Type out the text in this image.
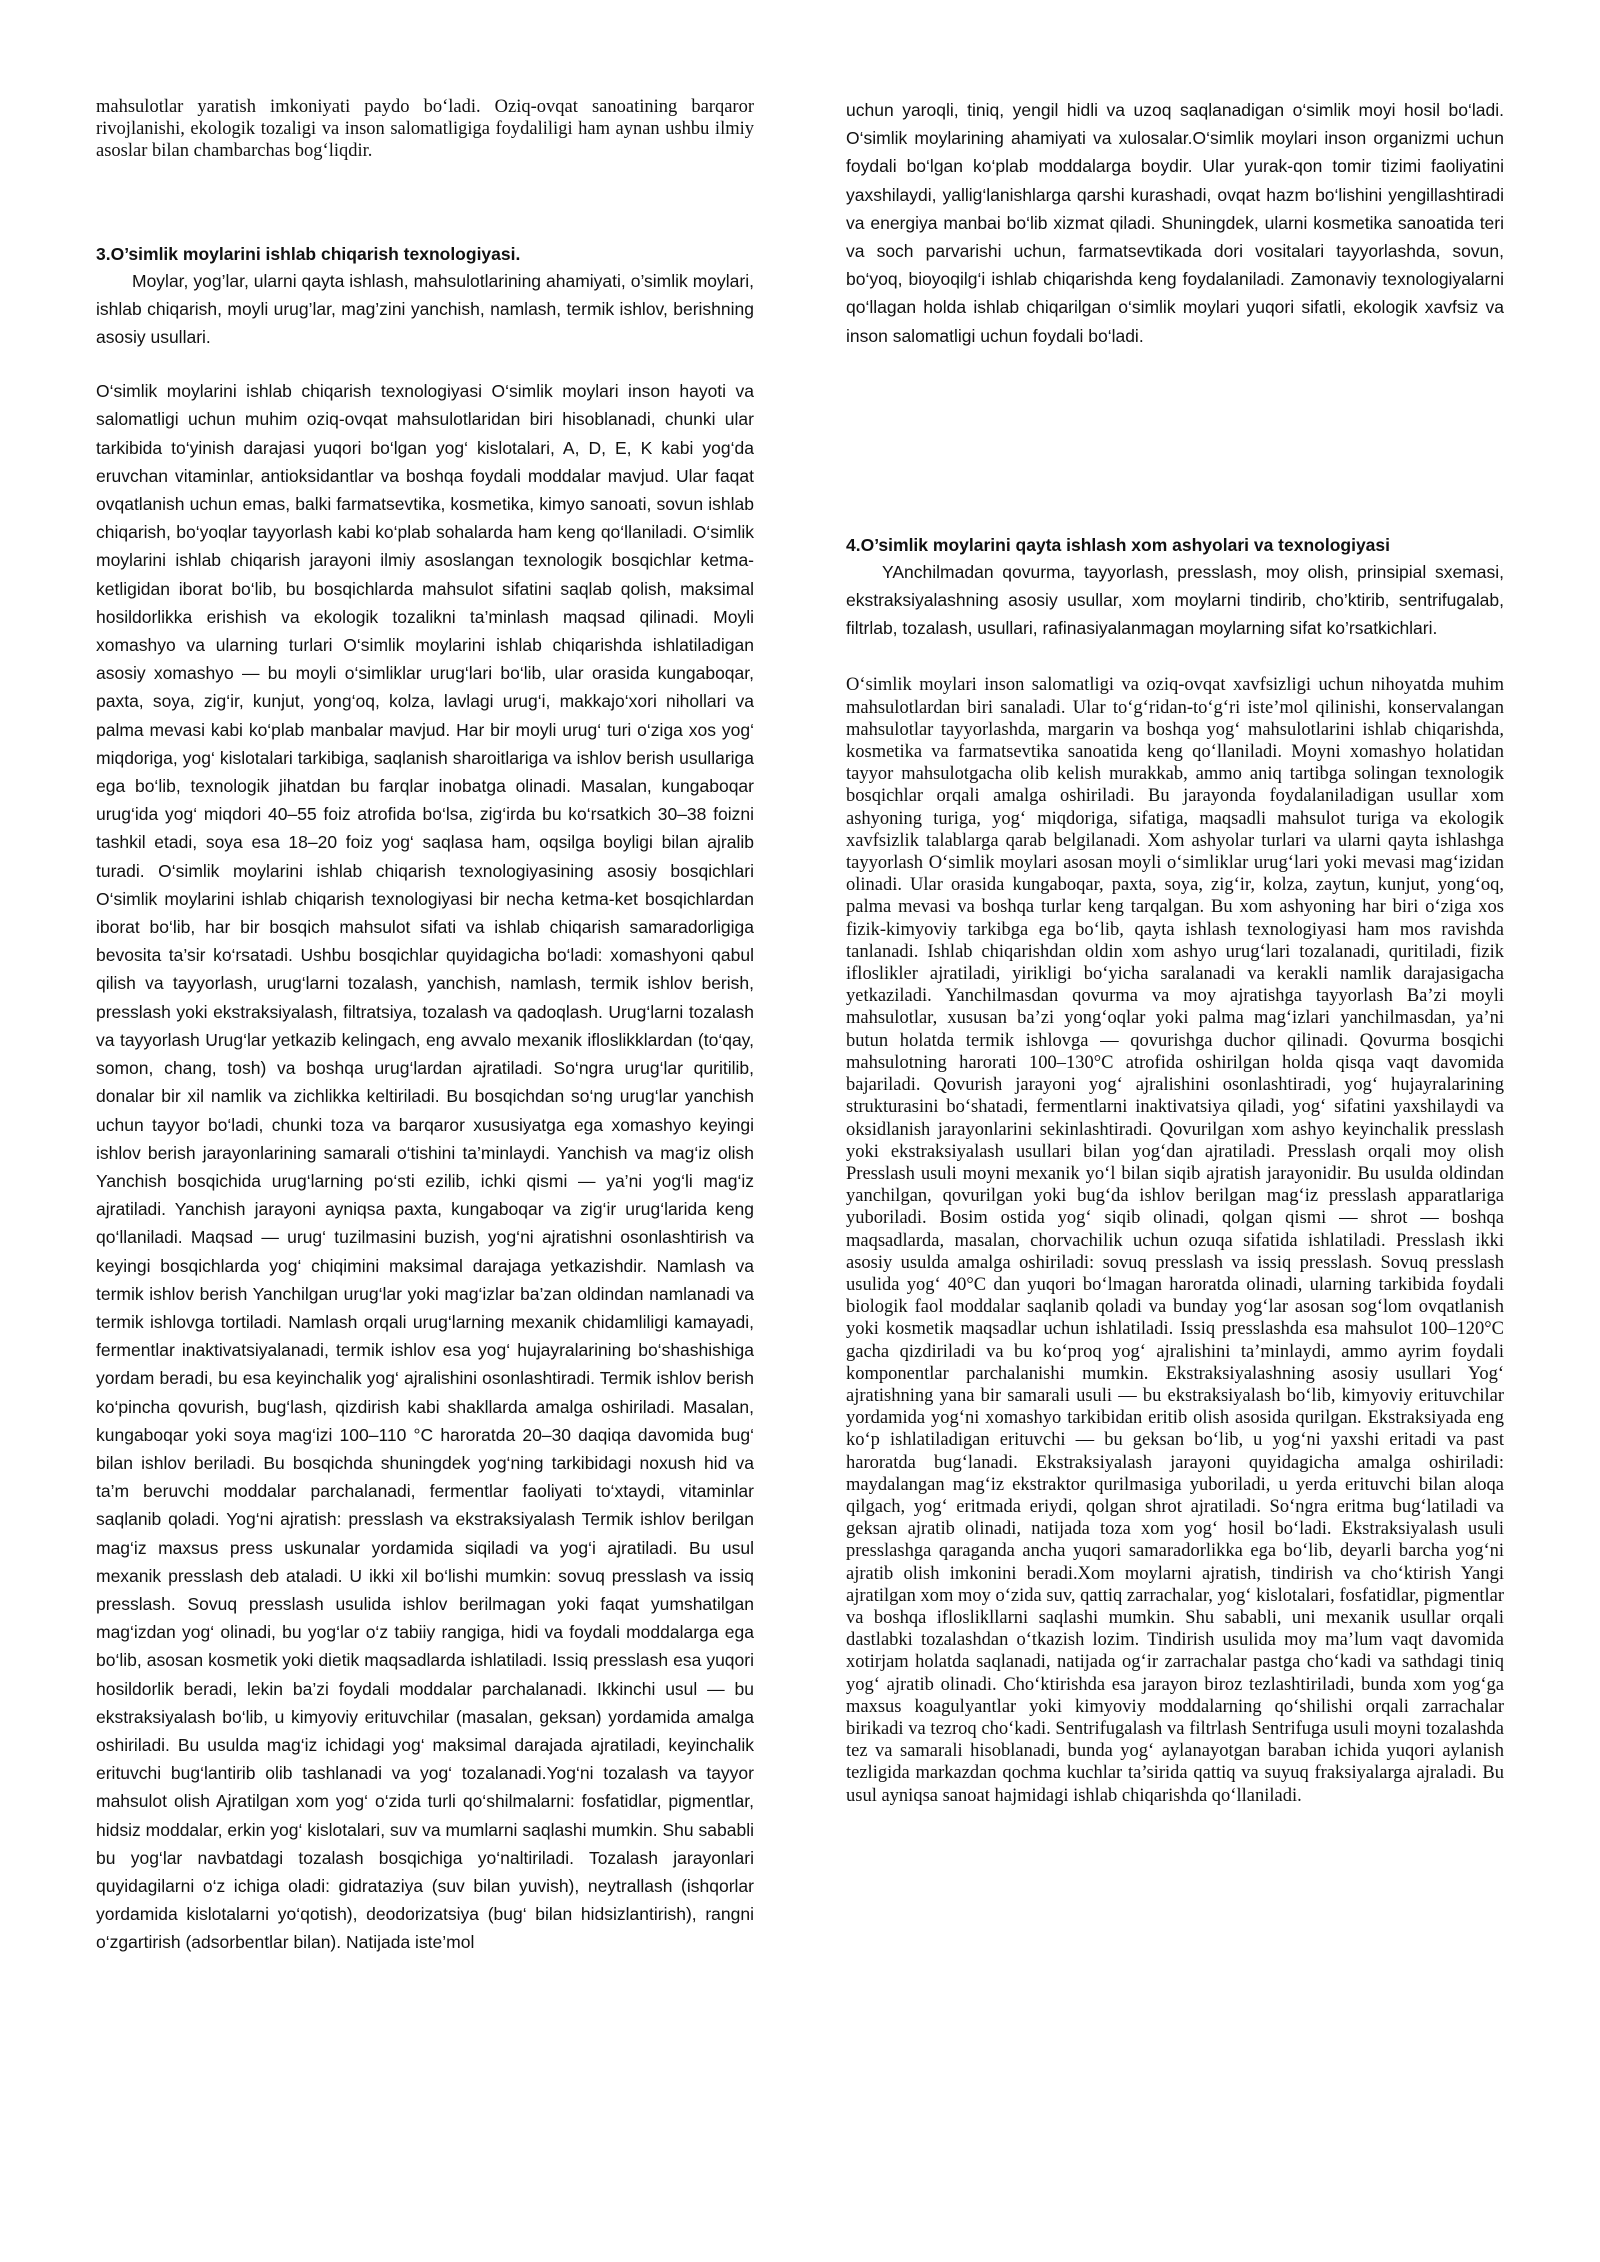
mahsulotlar yaratish imkoniyati paydo bo‘ladi. Oziq-ovqat sanoatining barqaror rivojlanishi, ekologik tozaligi va inson salomatligiga foydaliligi ham aynan ushbu ilmiy asoslar bilan chambarchas bog‘liqdir.

3.O’simlik moylarini ishlab chiqarish texnologiyasi.

Moylar, yog’lar, ularni qayta ishlash, mahsulotlarining ahamiyati, o’simlik moylari, ishlab chiqarish, moyli urug’lar, mag’zini yanchish, namlash, termik ishlov, berishning asosiy usullari.

O‘simlik moylarini ishlab chiqarish texnologiyasi O‘simlik moylari inson hayoti va salomatligi uchun muhim oziq-ovqat mahsulotlaridan biri hisoblanadi, chunki ular tarkibida to‘yinish darajasi yuqori bo‘lgan yog‘ kislotalari, A, D, E, K kabi yog‘da eruvchan vitaminlar, antioksidantlar va boshqa foydali moddalar mavjud. Ular faqat ovqatlanish uchun emas, balki farmatsevtika, kosmetika, kimyo sanoati, sovun ishlab chiqarish, bo‘yoqlar tayyorlash kabi ko‘plab sohalarda ham keng qo‘llaniladi. O‘simlik moylarini ishlab chiqarish jarayoni ilmiy asoslangan texnologik bosqichlar ketma-ketligidan iborat bo‘lib, bu bosqichlarda mahsulot sifatini saqlab qolish, maksimal hosildorlikka erishish va ekologik tozalikni ta’minlash maqsad qilinadi. Moyli xomashyo va ularning turlari O‘simlik moylarini ishlab chiqarishda ishlatiladigan asosiy xomashyo — bu moyli o‘simliklar urug‘lari bo‘lib, ular orasida kungaboqar, paxta, soya, zig‘ir, kunjut, yong‘oq, kolza, lavlagi urug‘i, makkajo‘xori nihollari va palma mevasi kabi ko‘plab manbalar mavjud. Har bir moyli urug‘ turi o‘ziga xos yog‘ miqdoriga, yog‘ kislotalari tarkibiga, saqlanish sharoitlariga va ishlov berish usullariga ega bo‘lib, texnologik jihatdan bu farqlar inobatga olinadi. Masalan, kungaboqar urug‘ida yog‘ miqdori 40–55 foiz atrofida bo‘lsa, zig‘irda bu ko‘rsatkich 30–38 foizni tashkil etadi, soya esa 18–20 foiz yog‘ saqlasa ham, oqsilga boyligi bilan ajralib turadi. O‘simlik moylarini ishlab chiqarish texnologiyasining asosiy bosqichlari O‘simlik moylarini ishlab chiqarish texnologiyasi bir necha ketma-ket bosqichlardan iborat bo‘lib, har bir bosqich mahsulot sifati va ishlab chiqarish samaradorligiga bevosita ta’sir ko‘rsatadi. Ushbu bosqichlar quyidagicha bo‘ladi: xomashyoni qabul qilish va tayyorlash, urug‘larni tozalash, yanchish, namlash, termik ishlov berish, presslash yoki ekstraksiyalash, filtratsiya, tozalash va qadoqlash. Urug‘larni tozalash va tayyorlash Urug‘lar yetkazib kelingach, eng avvalo mexanik ifloslikklardan (to‘qay, somon, chang, tosh) va boshqa urug‘lardan ajratiladi. So‘ngra urug‘lar quritilib, donalar bir xil namlik va zichlikka keltiriladi. Bu bosqichdan so‘ng urug‘lar yanchish uchun tayyor bo‘ladi, chunki toza va barqaror xususiyatga ega xomashyo keyingi ishlov berish jarayonlarining samarali o‘tishini ta’minlaydi. Yanchish va mag‘iz olish Yanchish bosqichida urug‘larning po‘sti ezilib, ichki qismi — ya’ni yog‘li mag‘iz ajratiladi. Yanchish jarayoni ayniqsa paxta, kungaboqar va zig‘ir urug‘larida keng qo‘llaniladi. Maqsad — urug‘ tuzilmasini buzish, yog‘ni ajratishni osonlashtirish va keyingi bosqichlarda yog‘ chiqimini maksimal darajaga yetkazishdir. Namlash va termik ishlov berish Yanchilgan urug‘lar yoki mag‘izlar ba’zan oldindan namlanadi va termik ishlovga tortiladi. Namlash orqali urug‘larning mexanik chidamliligi kamayadi, fermentlar inaktivatsiyalanadi, termik ishlov esa yog‘ hujayralarining bo‘shashishiga yordam beradi, bu esa keyinchalik yog‘ ajralishini osonlashtiradi. Termik ishlov berish ko‘pincha qovurish, bug‘lash, qizdirish kabi shakllarda amalga oshiriladi. Masalan, kungaboqar yoki soya mag‘izi 100–110 °C haroratda 20–30 daqiqa davomida bug‘ bilan ishlov beriladi. Bu bosqichda shuningdek yog‘ning tarkibidagi noxush hid va ta’m beruvchi moddalar parchalanadi, fermentlar faoliyati to‘xtaydi, vitaminlar saqlanib qoladi. Yog‘ni ajratish: presslash va ekstraksiyalash Termik ishlov berilgan mag‘iz maxsus press uskunalar yordamida siqiladi va yog‘i ajratiladi. Bu usul mexanik presslash deb ataladi. U ikki xil bo‘lishi mumkin: sovuq presslash va issiq presslash. Sovuq presslash usulida ishlov berilmagan yoki faqat yumshatilgan mag‘izdan yog‘ olinadi, bu yog‘lar o‘z tabiiy rangiga, hidi va foydali moddalarga ega bo‘lib, asosan kosmetik yoki dietik maqsadlarda ishlatiladi. Issiq presslash esa yuqori hosildorlik beradi, lekin ba’zi foydali moddalar parchalanadi. Ikkinchi usul — bu ekstraksiyalash bo‘lib, u kimyoviy erituvchilar (masalan, geksan) yordamida amalga oshiriladi. Bu usulda mag‘iz ichidagi yog‘ maksimal darajada ajratiladi, keyinchalik erituvchi bug‘lantirib olib tashlanadi va yog‘ tozalanadi.Yog‘ni tozalash va tayyor mahsulot olish Ajratilgan xom yog‘ o‘zida turli qo‘shilmalarni: fosfatidlar, pigmentlar, hidsiz moddalar, erkin yog‘ kislotalari, suv va mumlarni saqlashi mumkin. Shu sababli bu yog‘lar navbatdagi tozalash bosqichiga yo‘naltiriladi. Tozalash jarayonlari quyidagilarni o‘z ichiga oladi: gidrataziya (suv bilan yuvish), neytrallash (ishqorlar yordamida kislotalarni yo‘qotish), deodorizatsiya (bug‘ bilan hidsizlantirish), rangni o‘zgartirish (adsorbentlar bilan). Natijada iste’mol

uchun yaroqli, tiniq, yengil hidli va uzoq saqlanadigan o‘simlik moyi hosil bo‘ladi. O‘simlik moylarining ahamiyati va xulosalar.O‘simlik moylari inson organizmi uchun foydali bo‘lgan ko‘plab moddalarga boydir. Ular yurak-qon tomir tizimi faoliyatini yaxshilaydi, yallig‘lanishlarga qarshi kurashadi, ovqat hazm bo‘lishini yengillashtiradi va energiya manbai bo‘lib xizmat qiladi. Shuningdek, ularni kosmetika sanoatida teri va soch parvarishi uchun, farmatsevtikada dori vositalari tayyorlashda, sovun, bo‘yoq, bioyoqilg‘i ishlab chiqarishda keng foydalaniladi. Zamonaviy texnologiyalarni qo‘llagan holda ishlab chiqarilgan o‘simlik moylari yuqori sifatli, ekologik xavfsiz va inson salomatligi uchun foydali bo‘ladi.

4.O’simlik moylarini qayta ishlash xom ashyolari va texnologiyasi

YAnchilmadan qovurma, tayyorlash, presslash, moy olish, prinsipial sxemasi, ekstraksiyalashning asosiy usullar, xom moylarni tindirib, cho’ktirib, sentrifugalab, filtrlab, tozalash, usullari, rafinasiyalanmagan moylarning sifat ko’rsatkichlari.

O‘simlik moylari inson salomatligi va oziq-ovqat xavfsizligi uchun nihoyatda muhim mahsulotlardan biri sanaladi. Ular to‘g‘ridan-to‘g‘ri iste’mol qilinishi, konservalangan mahsulotlar tayyorlashda, margarin va boshqa yog‘ mahsulotlarini ishlab chiqarishda, kosmetika va farmatsevtika sanoatida keng qo‘llaniladi. Moyni xomashyo holatidan tayyor mahsulotgacha olib kelish murakkab, ammo aniq tartibga solingan texnologik bosqichlar orqali amalga oshiriladi. Bu jarayonda foydalaniladigan usullar xom ashyoning turiga, yog‘ miqdoriga, sifatiga, maqsadli mahsulot turiga va ekologik xavfsizlik talablarga qarab belgilanadi. Xom ashyolar turlari va ularni qayta ishlashga tayyorlash O‘simlik moylari asosan moyli o‘simliklar urug‘lari yoki mevasi mag‘izidan olinadi. Ular orasida kungaboqar, paxta, soya, zig‘ir, kolza, zaytun, kunjut, yong‘oq, palma mevasi va boshqa turlar keng tarqalgan. Bu xom ashyoning har biri o‘ziga xos fizik-kimyoviy tarkibga ega bo‘lib, qayta ishlash texnologiyasi ham mos ravishda tanlanadi. Ishlab chiqarishdan oldin xom ashyo urug‘lari tozalanadi, quritiladi, fizik ifloslikler ajratiladi, yirikligi bo‘yicha saralanadi va kerakli namlik darajasigacha yetkaziladi. Yanchilmasdan qovurma va moy ajratishga tayyorlash Ba’zi moyli mahsulotlar, xususan ba’zi yong‘oqlar yoki palma mag‘izlari yanchilmasdan, ya’ni butun holatda termik ishlovga — qovurishga duchor qilinadi. Qovurma bosqichi mahsulotning harorati 100–130°C atrofida oshirilgan holda qisqa vaqt davomida bajariladi. Qovurish jarayoni yog‘ ajralishini osonlashtiradi, yog‘ hujayralarining strukturasini bo‘shatadi, fermentlarni inaktivatsiya qiladi, yog‘ sifatini yaxshilaydi va oksidlanish jarayonlarini sekinlashtiradi. Qovurilgan xom ashyo keyinchalik presslash yoki ekstraksiyalash usullari bilan yog‘dan ajratiladi. Presslash orqali moy olish Presslash usuli moyni mexanik yo‘l bilan siqib ajratish jarayonidir. Bu usulda oldindan yanchilgan, qovurilgan yoki bug‘da ishlov berilgan mag‘iz presslash apparatlariga yuboriladi. Bosim ostida yog‘ siqib olinadi, qolgan qismi — shrot — boshqa maqsadlarda, masalan, chorvachilik uchun ozuqa sifatida ishlatiladi. Presslash ikki asosiy usulda amalga oshiriladi: sovuq presslash va issiq presslash. Sovuq presslash usulida yog‘ 40°C dan yuqori bo‘lmagan haroratda olinadi, ularning tarkibida foydali biologik faol moddalar saqlanib qoladi va bunday yog‘lar asosan sog‘lom ovqatlanish yoki kosmetik maqsadlar uchun ishlatiladi. Issiq presslashda esa mahsulot 100–120°C gacha qizdiriladi va bu ko‘proq yog‘ ajralishini ta’minlaydi, ammo ayrim foydali komponentlar parchalanishi mumkin. Ekstraksiyalashning asosiy usullari Yog‘ ajratishning yana bir samarali usuli — bu ekstraksiyalash bo‘lib, kimyoviy erituvchilar yordamida yog‘ni xomashyo tarkibidan eritib olish asosida qurilgan. Ekstraksiyada eng ko‘p ishlatiladigan erituvchi — bu geksan bo‘lib, u yog‘ni yaxshi eritadi va past haroratda bug‘lanadi. Ekstraksiyalash jarayoni quyidagicha amalga oshiriladi: maydalangan mag‘iz ekstraktor qurilmasiga yuboriladi, u yerda erituvchi bilan aloqa qilgach, yog‘ eritmada eriydi, qolgan shrot ajratiladi. So‘ngra eritma bug‘latiladi va geksan ajratib olinadi, natijada toza xom yog‘ hosil bo‘ladi. Ekstraksiyalash usuli presslashga qaraganda ancha yuqori samaradorlikka ega bo‘lib, deyarli barcha yog‘ni ajratib olish imkonini beradi.Xom moylarni ajratish, tindirish va cho‘ktirish Yangi ajratilgan xom moy o‘zida suv, qattiq zarrachalar, yog‘ kislotalari, fosfatidlar, pigmentlar va boshqa ifloslikllarni saqlashi mumkin. Shu sababli, uni mexanik usullar orqali dastlabki tozalashdan o‘tkazish lozim. Tindirish usulida moy ma’lum vaqt davomida xotirjam holatda saqlanadi, natijada og‘ir zarrachalar pastga cho‘kadi va sathdagi tiniq yog‘ ajratib olinadi. Cho‘ktirishda esa jarayon biroz tezlashtiriladi, bunda xom yog‘ga maxsus koagulyantlar yoki kimyoviy moddalarning qo‘shilishi orqali zarrachalar birikadi va tezroq cho‘kadi. Sentrifugalash va filtrlash Sentrifuga usuli moyni tozalashda tez va samarali hisoblanadi, bunda yog‘ aylanayotgan baraban ichida yuqori aylanish tezligida markazdan qochma kuchlar ta’sirida qattiq va suyuq fraksiyalarga ajraladi. Bu usul ayniqsa sanoat hajmidagi ishlab chiqarishda qo‘llaniladi.
